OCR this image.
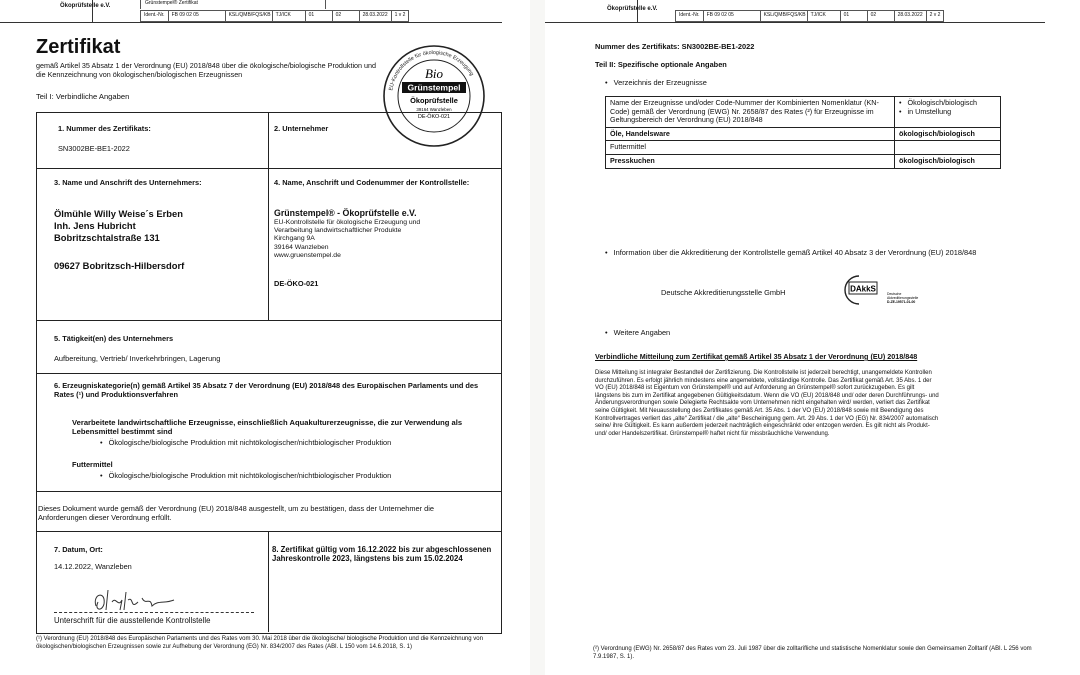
Ökoprüfstelle e.V.	Grünstempel® Zertifikat
Ident.-Nr.	FB 09 02 05	KSL/QMB/FQS/KB	TJ/ICK	01	02	28.03.2022	1 v 2
Zertifikat
gemäß Artikel 35 Absatz 1 der Verordnung (EU) 2018/848 über die ökologische/biologische Produktion und die Kennzeichnung von ökologischen/biologischen Erzeugnissen
Teil I: Verbindliche Angaben
EU-Kontrollstelle für ökologische Erzeugung
Bio
Grünstempel
Ökoprüfstelle
39164 Wanzleben
DE-ÖKO-021
1. Nummer des Zertifikats:
SN3002BE-BE1-2022
2. Unternehmer
3. Name und Anschrift des Unternehmers:
Ölmühle Willy Weise´s Erben
Inh. Jens Hubricht
Bobritzschtalstraße 131
09627 Bobritzsch-Hilbersdorf
4. Name, Anschrift und Codenummer der Kontrollstelle:
Grünstempel® - Ökoprüfstelle e.V.
EU-Kontrollstelle für ökologische Erzeugung und
Verarbeitung landwirtschaftlicher Produkte
Kirchgang 9A
39164 Wanzleben
www.gruenstempel.de
DE-ÖKO-021
5. Tätigkeit(en) des Unternehmers
Aufbereitung, Vertrieb/ Inverkehrbringen, Lagerung
6. Erzeugniskategorie(n) gemäß Artikel 35 Absatz 7 der Verordnung (EU) 2018/848 des Europäischen Parlaments und des Rates (¹) und Produktionsverfahren
Verarbeitete landwirtschaftliche Erzeugnisse, einschließlich Aquakulturerzeugnisse, die zur Verwendung als Lebensmittel bestimmt sind
• Ökologische/biologische Produktion mit nichtökologischer/nichtbiologischer Produktion
Futtermittel
• Ökologische/biologische Produktion mit nichtökologischer/nichtbiologischer Produktion
Dieses Dokument wurde gemäß der Verordnung (EU) 2018/848 ausgestellt, um zu bestätigen, dass der Unternehmer die Anforderungen dieser Verordnung erfüllt.
7. Datum, Ort:
14.12.2022, Wanzleben
Unterschrift für die ausstellende Kontrollstelle
8. Zertifikat gültig vom 16.12.2022 bis zur abgeschlossenen Jahreskontrolle 2023, längstens bis zum 15.02.2024
(¹) Verordnung (EU) 2018/848 des Europäischen Parlaments und des Rates vom 30. Mai 2018 über die ökologische/ biologische Produktion und die Kennzeichnung von ökologischen/biologischen Erzeugnissen sowie zur Aufhebung der Verordnung (EG) Nr. 834/2007 des Rates (ABl. L 150 vom 14.6.2018, S. 1)
Ökoprüfstelle e.V.
Ident.-Nr.	FB 09 02 05	KSL/QMB/FQS/KB	TJ/ICK	01	02	28.03.2022	2 v 2
Nummer des Zertifikats: SN3002BE-BE1-2022
Teil II: Spezifische optionale Angaben
• Verzeichnis der Erzeugnisse
Name der Erzeugnisse und/oder Code-Nummer der Kombinierten Nomenklatur (KN-Code) gemäß der Verordnung (EWG) Nr. 2658/87 des Rates (²) für Erzeugnisse im Geltungsbereich der Verordnung (EU) 2018/848	• Ökologisch/biologisch
• in Umstellung

Öle, Handelsware	ökologisch/biologisch
Futtermittel	
Presskuchen	ökologisch/biologisch
• Information über die Akkreditierung der Kontrollstelle gemäß Artikel 40 Absatz 3 der Verordnung (EU) 2018/848
Deutsche Akkreditierungsstelle GmbH	DAkkS
Deutsche
Akkreditierungsstelle
D-ZE-19571-01-00
• Weitere Angaben
Verbindliche Mitteilung zum Zertifikat gemäß Artikel 35 Absatz 1 der Verordnung (EU) 2018/848
Diese Mitteilung ist integraler Bestandteil der Zertifizierung. Die Kontrollstelle ist jederzeit berechtigt, unangemeldete Kontrollen
durchzuführen. Es erfolgt jährlich mindestens eine angemeldete, vollständige Kontrolle. Das Zertifikat gemäß Art. 35 Abs. 1 der
VO (EU) 2018/848 ist Eigentum von Grünstempel® und auf Anforderung an Grünstempel® sofort zurückzugeben. Es gilt
längstens bis zum im Zertifikat angegebenen Gültigkeitsdatum. Wenn die VO (EU) 2018/848 und/ oder deren Durchführungs- und
Änderungsverordnungen sowie Delegierte Rechtsakte vom Unternehmen nicht eingehalten wird/ werden, verliert das Zertifikat
seine Gültigkeit. Mit Neuausstellung des Zertifikates gemäß Art. 35 Abs. 1 der VO (EU) 2018/848 sowie mit Beendigung des
Kontrollvertrages verliert das „alte“ Zertifikat / die „alte“ Bescheinigung gem. Art. 29 Abs. 1 der VO (EG) Nr. 834/2007 automatisch
seine/ ihre Gültigkeit. Es kann außerdem jederzeit nachträglich eingeschränkt oder entzogen werden. Es gilt nicht als Produkt-
und/ oder Handelszertifikat. Grünstempel® haftet nicht für missbräuchliche Verwendung.
(²) Verordnung (EWG) Nr. 2658/87 des Rates vom 23. Juli 1987 über die zolltarifliche und statistische Nomenklatur sowie den Gemeinsamen Zolltarif (ABl. L 256 vom 7.9.1987, S. 1).
